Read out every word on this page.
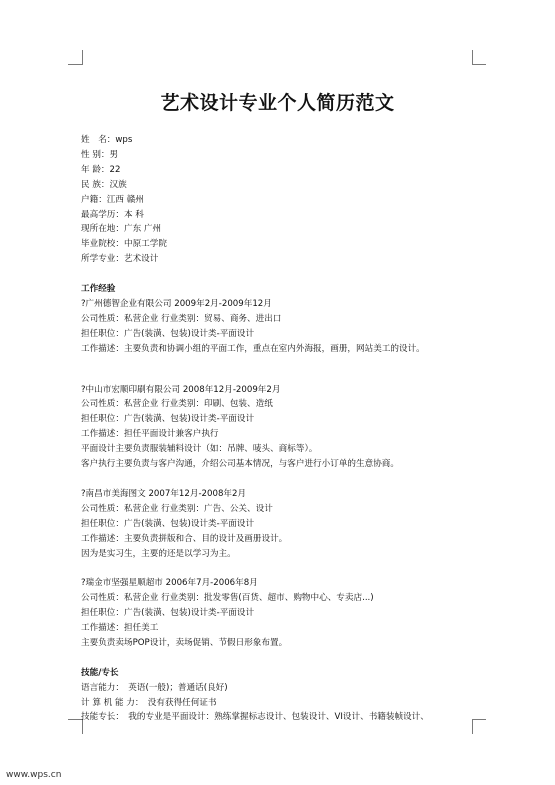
艺术设计专业个人简历范文
姓　名：wps
性 别：男
年 龄：22
民 族：汉族
户籍：江西 赣州
最高学历：本 科
现所在地：广东 广州
毕业院校：中原工学院
所学专业：艺术设计
工作经验
?广州德智企业有限公司 2009年2月-2009年12月
公司性质：私营企业 行业类别：贸易、商务、进出口
担任职位：广告(装潢、包装)设计类-平面设计
工作描述：主要负责和协调小组的平面工作，重点在室内外海报，画册，网站美工的设计。
?中山市宏顺印刷有限公司 2008年12月-2009年2月
公司性质：私营企业 行业类别：印刷、包装、造纸
担任职位：广告(装潢、包装)设计类-平面设计
工作描述：担任平面设计兼客户执行
平面设计主要负责服装辅料设计（如：吊牌、唛头、商标等）。
客户执行主要负责与客户沟通，介绍公司基本情况，与客户进行小订单的生意协商。
?南昌市美海图文 2007年12月-2008年2月
公司性质：私营企业 行业类别：广告、公关、设计
担任职位：广告(装潢、包装)设计类-平面设计
工作描述：主要负责拼版和合、目的设计及画册设计。
因为是实习生，主要的还是以学习为主。
?瑞金市坚强星顺超市 2006年7月-2006年8月
公司性质：私营企业 行业类别：批发零售(百货、超市、购物中心、专卖店...)
担任职位：广告(装潢、包装)设计类-平面设计
工作描述：担任美工
主要负责卖场POP设计，卖场促销、节假日形象布置。
技能/专长
语言能力：　英语(一般)；普通话(良好)
计 算 机 能 力：　没有获得任何证书
技能专长：　我的专业是平面设计：熟练掌握标志设计、包装设计、VI设计、书籍装帧设计、
www.wps.cn
